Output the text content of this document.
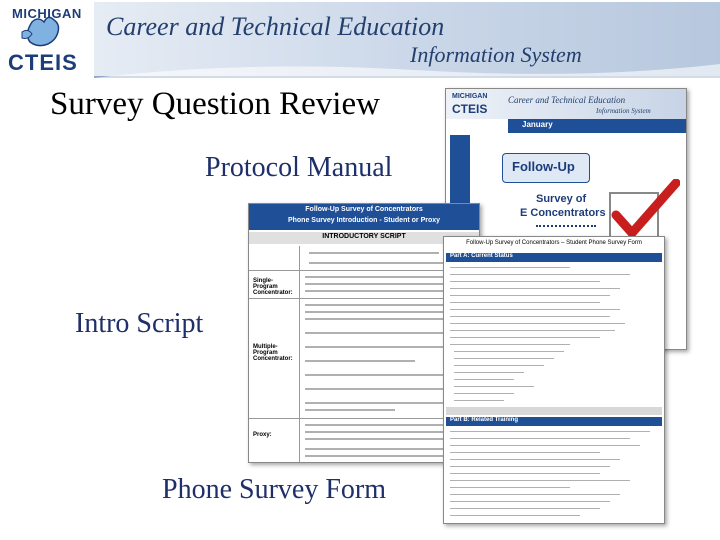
MICHIGAN
CTEIS
Career and Technical Education
Information System
Survey Question Review
Protocol Manual
Intro Script
Phone Survey Form
MICHIGAN
CTEIS
Career and Technical Education
Information System
January
Follow-Up
Survey of
E Concentrators
Follow-Up Survey of Concentrators
Phone Survey Introduction - Student or Proxy
INTRODUCTORY SCRIPT
Single-Program Concentrator:
Multiple-Program Concentrator:
Proxy:
Follow-Up Survey of Concentrators – Student Phone Survey Form
Part A: Current Status
Part B: Related Training
